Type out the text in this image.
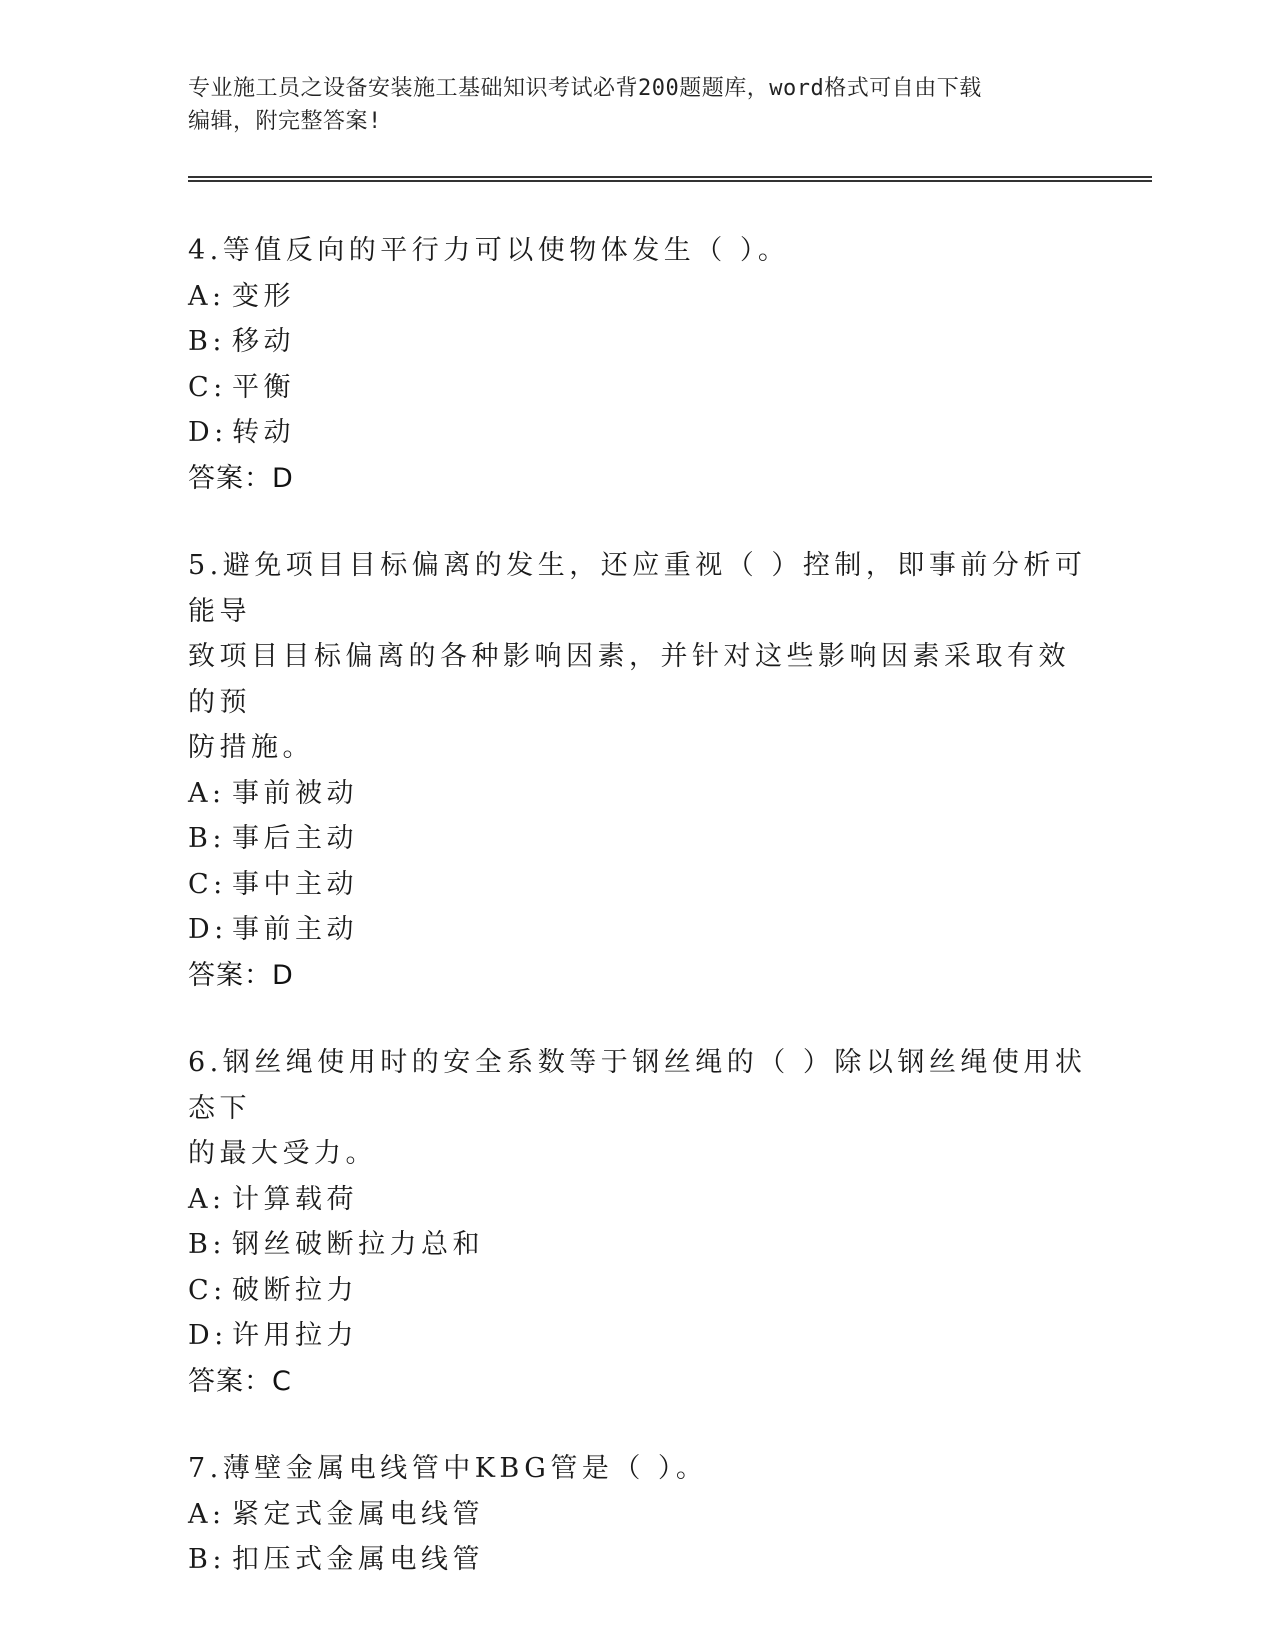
专业施工员之设备安装施工基础知识考试必背200题题库，word格式可自由下载
编辑，附完整答案!

4.等值反向的平行力可以使物体发生（ ）。

A: 变形

B: 移动

C: 平衡

D: 转动

答案：D

5.避免项目目标偏离的发生，还应重视（ ）控制，即事前分析可能导

致项目目标偏离的各种影响因素，并针对这些影响因素采取有效的预

防措施。

A: 事前被动

B: 事后主动

C: 事中主动

D: 事前主动

答案：D

6.钢丝绳使用时的安全系数等于钢丝绳的（ ）除以钢丝绳使用状态下

的最大受力。

A: 计算载荷

B: 钢丝破断拉力总和

C: 破断拉力

D: 许用拉力

答案：C

7.薄壁金属电线管中KBG管是（ ）。

A: 紧定式金属电线管

B: 扣压式金属电线管
